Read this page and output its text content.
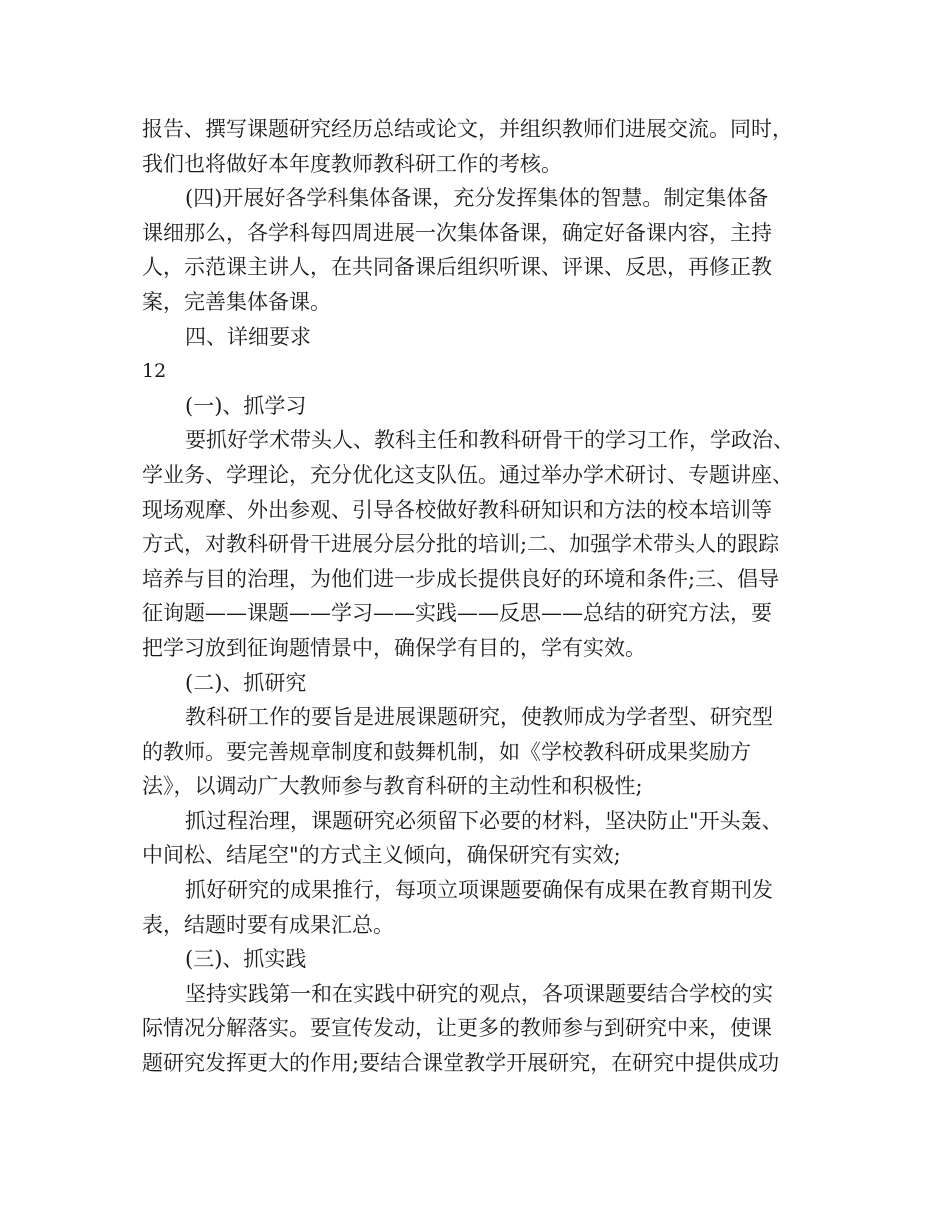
报告、撰写课题研究经历总结或论文，并组织教师们进展交流。同时，
我们也将做好本年度教师教科研工作的考核。
(四)开展好各学科集体备课，充分发挥集体的智慧。制定集体备
课细那么，各学科每四周进展一次集体备课，确定好备课内容，主持
人，示范课主讲人，在共同备课后组织听课、评课、反思，再修正教
案，完善集体备课。
四、详细要求
12
(一)、抓学习
要抓好学术带头人、教科主任和教科研骨干的学习工作，学政治、
学业务、学理论，充分优化这支队伍。通过举办学术研讨、专题讲座、
现场观摩、外出参观、引导各校做好教科研知识和方法的校本培训等
方式，对教科研骨干进展分层分批的培训;二、加强学术带头人的跟踪
培养与目的治理，为他们进一步成长提供良好的环境和条件;三、倡导
征询题——课题——学习——实践——反思——总结的研究方法，要
把学习放到征询题情景中，确保学有目的，学有实效。
(二)、抓研究
教科研工作的要旨是进展课题研究，使教师成为学者型、研究型
的教师。要完善规章制度和鼓舞机制，如《学校教科研成果奖励方
法》，以调动广大教师参与教育科研的主动性和积极性;
抓过程治理，课题研究必须留下必要的材料，坚决防止"开头轰、
中间松、结尾空"的方式主义倾向，确保研究有实效;
抓好研究的成果推行，每项立项课题要确保有成果在教育期刊发
表，结题时要有成果汇总。
(三)、抓实践
坚持实践第一和在实践中研究的观点，各项课题要结合学校的实
际情况分解落实。要宣传发动，让更多的教师参与到研究中来，使课
题研究发挥更大的作用;要结合课堂教学开展研究，在研究中提供成功
